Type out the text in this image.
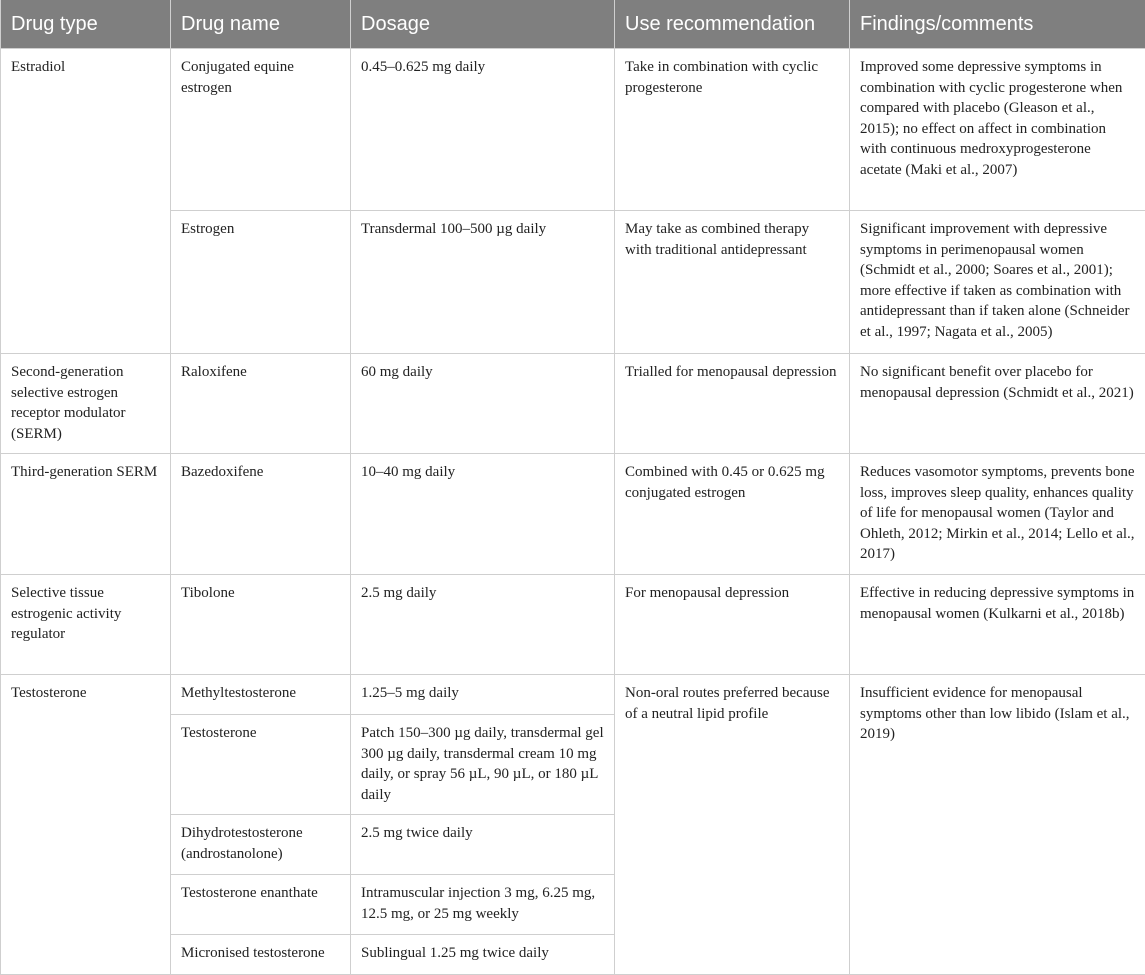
Drug type	Drug name	Dosage	Use recommendation	Findings/comments
Estradiol	Conjugated equine estrogen	0.45–0.625 mg daily	Take in combination with cyclic progesterone	Improved some depressive symptoms in combination with cyclic progesterone when compared with placebo (Gleason et al., 2015); no effect on affect in combination with continuous medroxyprogesterone acetate (Maki et al., 2007)
	Estrogen	Transdermal 100–500 µg daily	May take as combined therapy with traditional antidepressant	Significant improvement with depressive symptoms in perimenopausal women (Schmidt et al., 2000; Soares et al., 2001); more effective if taken as combination with antidepressant than if taken alone (Schneider et al., 1997; Nagata et al., 2005)
Second-generation selective estrogen receptor modulator (SERM)	Raloxifene	60 mg daily	Trialled for menopausal depression	No significant benefit over placebo for menopausal depression (Schmidt et al., 2021)
Third-generation SERM	Bazedoxifene	10–40 mg daily	Combined with 0.45 or 0.625 mg conjugated estrogen	Reduces vasomotor symptoms, prevents bone loss, improves sleep quality, enhances quality of life for menopausal women (Taylor and Ohleth, 2012; Mirkin et al., 2014; Lello et al., 2017)
Selective tissue estrogenic activity regulator	Tibolone	2.5 mg daily	For menopausal depression	Effective in reducing depressive symptoms in menopausal women (Kulkarni et al., 2018b)
Testosterone	Methyltestosterone	1.25–5 mg daily	Non-oral routes preferred because of a neutral lipid profile	Insufficient evidence for menopausal symptoms other than low libido (Islam et al., 2019)
	Testosterone	Patch 150–300 µg daily, transdermal gel 300 µg daily, transdermal cream 10 mg daily, or spray 56 µL, 90 µL, or 180 µL daily		
	Dihydrotestosterone (androstanolone)	2.5 mg twice daily		
	Testosterone enanthate	Intramuscular injection 3 mg, 6.25 mg, 12.5 mg, or 25 mg weekly		
	Micronised testosterone	Sublingual 1.25 mg twice daily		
